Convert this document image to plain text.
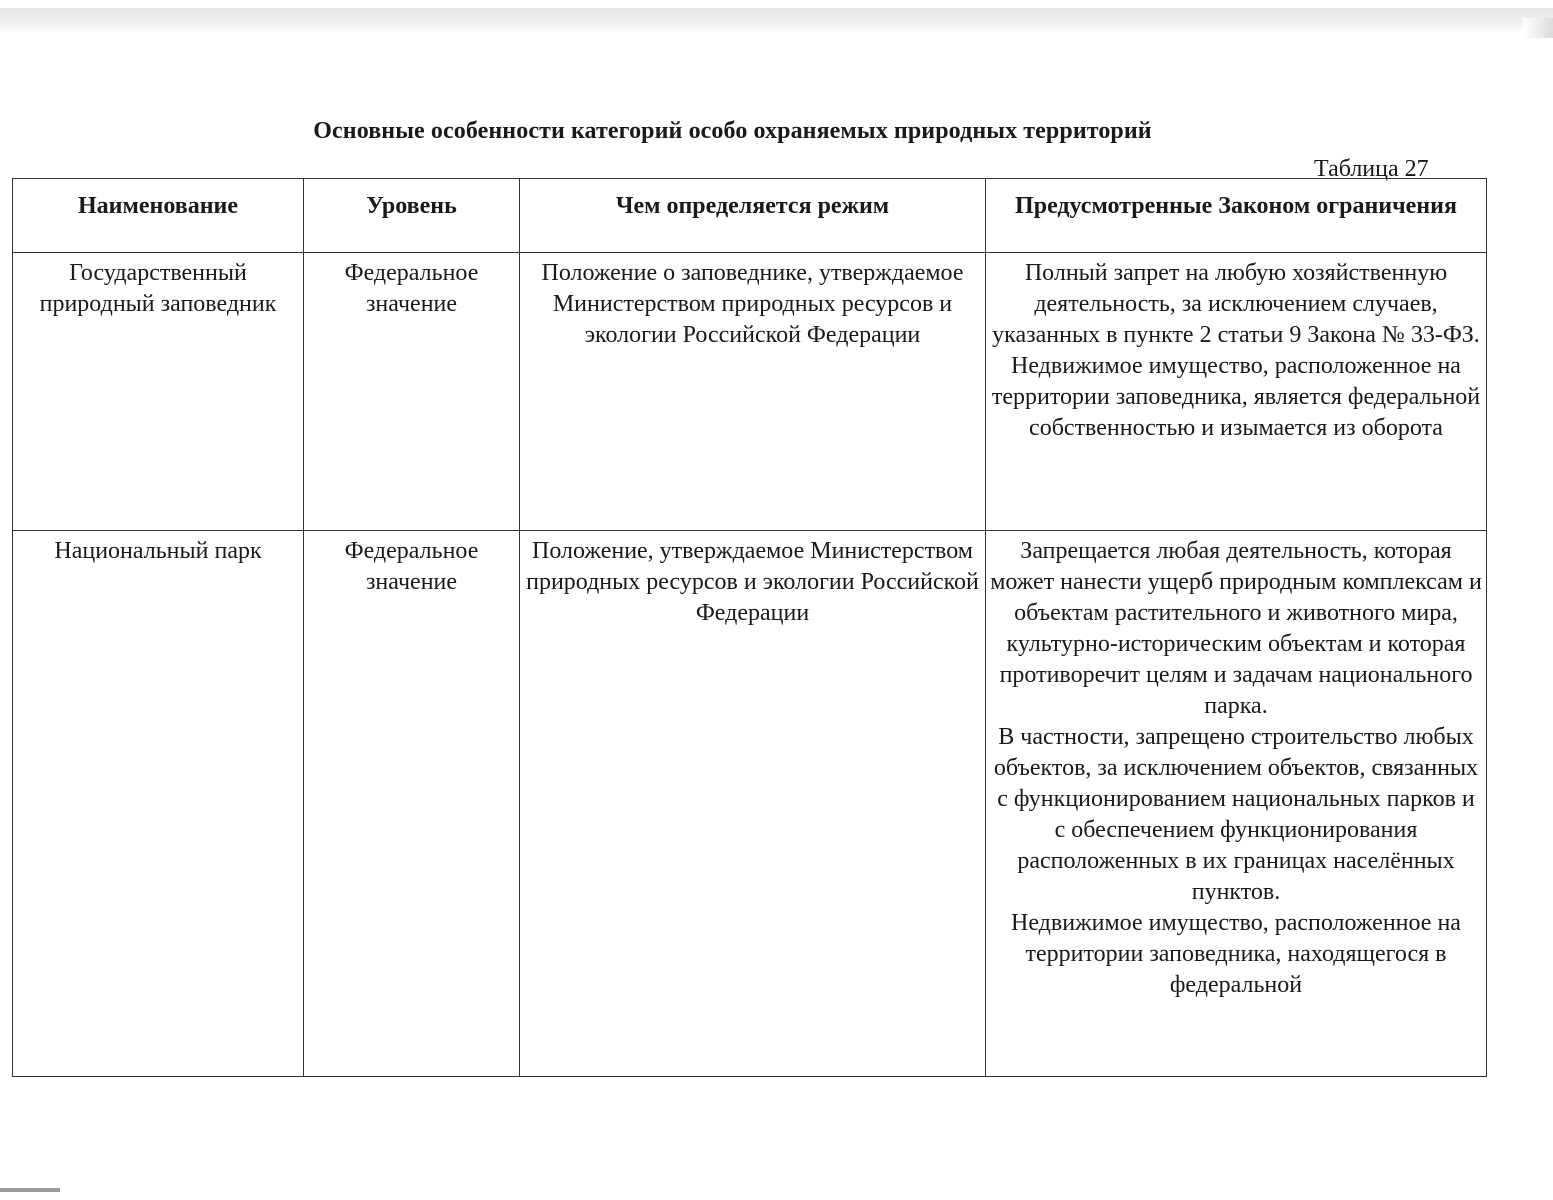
Основные особенности категорий особо охраняемых природных территорий
Таблица 27
Наименование	Уровень	Чем определяется режим	Предусмотренные Законом ограничения
Государственный природный заповедник	Федеральное значение	Положение о заповеднике, утверждаемое Министерством природных ресурсов и экологии Российской Федерации	Полный запрет на любую хозяйственную деятельность, за исключением случаев, указанных в пункте 2 статьи 9 Закона № 33-ФЗ.
Недвижимое имущество, расположенное на территории заповедника, является федеральной собственностью и изымается из оборота

Национальный парк	Федеральное значение	Положение, утверждаемое Министерством природных ресурсов и экологии Российской Федерации	Запрещается любая деятельность, которая может нанести ущерб природным комплексам и объектам растительного и животного мира, культурно-историческим объектам и которая противоречит целям и задачам национального парка.
В частности, запрещено строительство любых объектов, за исключением объектов, связанных с функционированием национальных парков и с обеспечением функционирования расположенных в их границах населённых пунктов.
Недвижимое имущество, расположенное на территории заповедника, находящегося в федеральной
